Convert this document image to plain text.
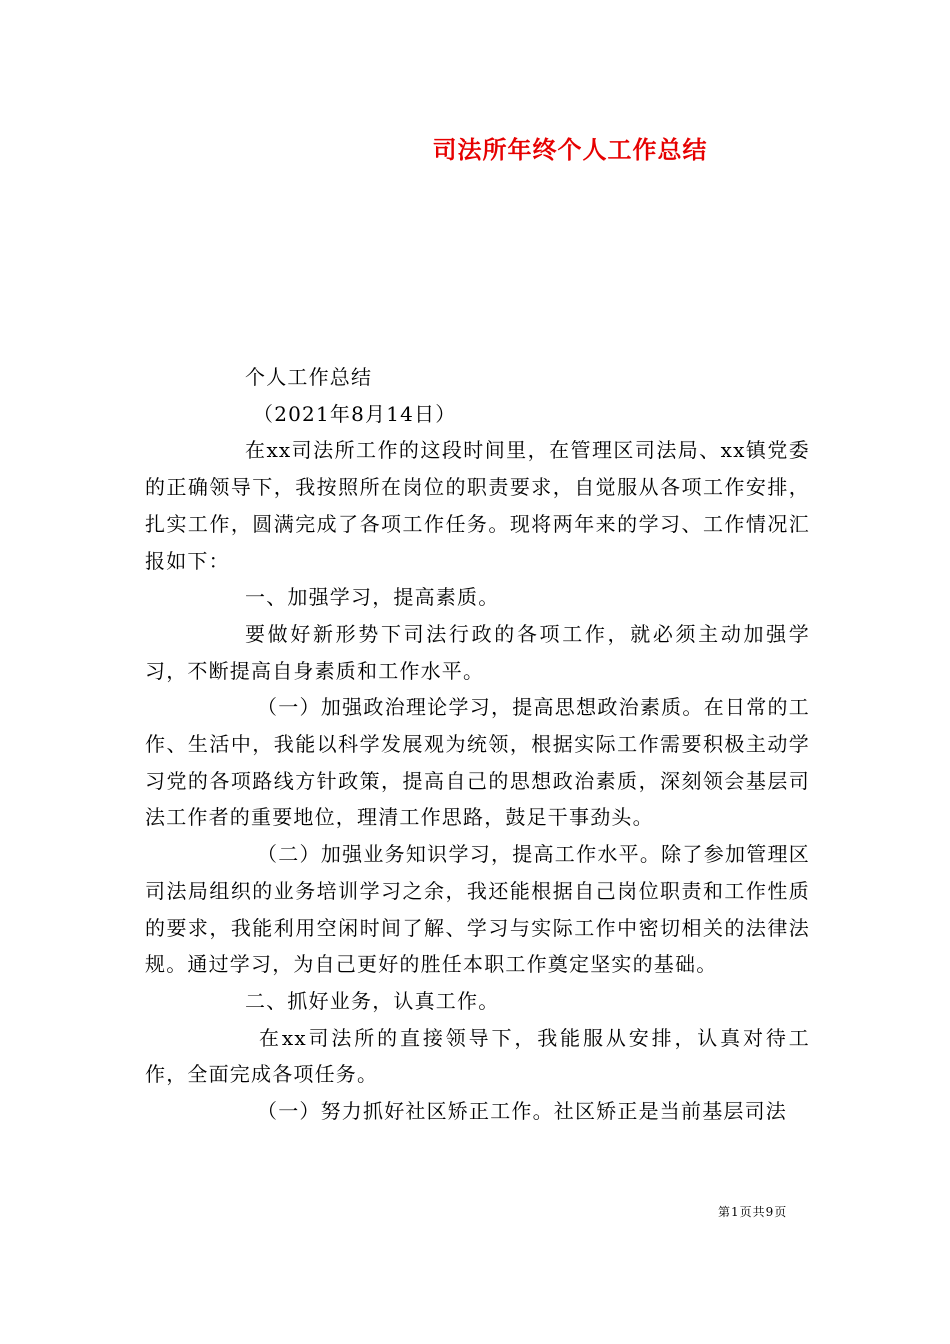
司法所年终个人工作总结

个人工作总结

（2021年8月14日）

在xx司法所工作的这段时间里，在管理区司法局、xx镇党委的正确领导下，我按照所在岗位的职责要求，自觉服从各项工作安排，扎实工作，圆满完成了各项工作任务。现将两年来的学习、工作情况汇报如下：

一、加强学习，提高素质。

要做好新形势下司法行政的各项工作，就必须主动加强学习，不断提高自身素质和工作水平。

（一）加强政治理论学习，提高思想政治素质。在日常的工作、生活中，我能以科学发展观为统领，根据实际工作需要积极主动学习党的各项路线方针政策，提高自己的思想政治素质，深刻领会基层司法工作者的重要地位，理清工作思路，鼓足干事劲头。

（二）加强业务知识学习，提高工作水平。除了参加管理区司法局组织的业务培训学习之余，我还能根据自己岗位职责和工作性质的要求，我能利用空闲时间了解、学习与实际工作中密切相关的法律法规。通过学习，为自己更好的胜任本职工作奠定坚实的基础。

二、抓好业务，认真工作。

在xx司法所的直接领导下，我能服从安排，认真对待工作，全面完成各项任务。

（一）努力抓好社区矫正工作。社区矫正是当前基层司法

第1页共9页
